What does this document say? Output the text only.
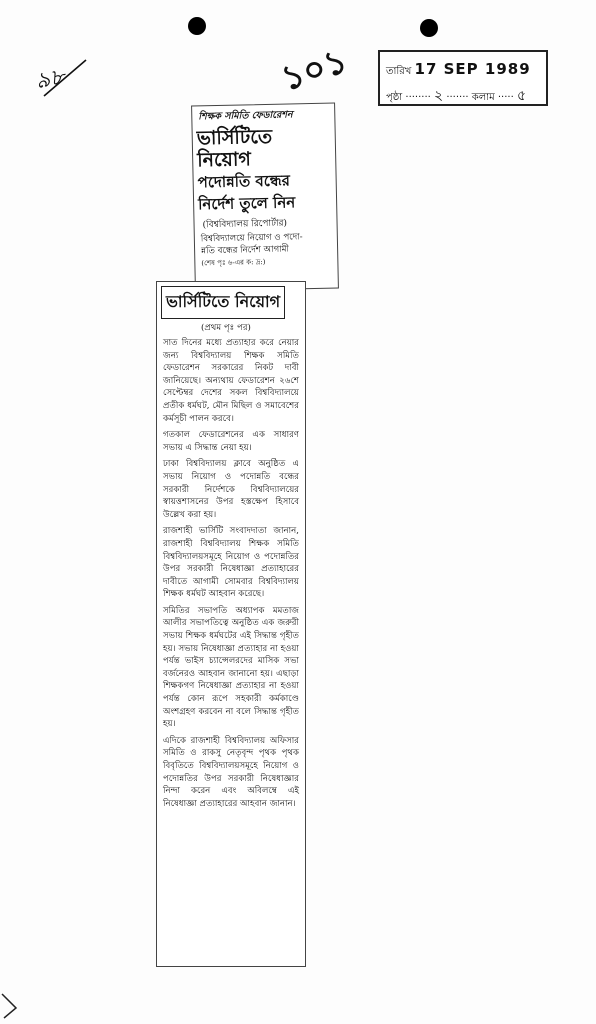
৯৮	১০১	তারিখ 17 SEP 1989
পৃষ্ঠা ········ ২ ······· কলাম ····· ৫
শিক্ষক সমিতি ফেডারেশন
ভার্সিটিতে
নিয়োগ
পদোন্নতি বন্ধের
নির্দেশ তুলে নিন
(বিশ্ববিদ্যালয় রিপোর্টার)
বিশ্ববিদ্যালয়ে নিয়োগ ও পদো-
ন্নতি বন্ধের নির্দেশ আগামী
(শেষ পৃঃ ৬-এর ক: দ্র:)
ভার্সিটিতে নিয়োগ
(প্রথম পৃঃ পর)

সাত দিনের মধ্যে প্রত্যাহার করে নেয়ার জন্য বিশ্ববিদ্যালয় শিক্ষক সমিতি ফেডারেশন সরকারের নিকট দাবী জানিয়েছে। অন্যথায় ফেডারেশন ২৬শে সেপ্টেম্বর দেশের সকল বিশ্ববিদ্যালয়ে প্রতীক ধর্মঘট, মৌন মিছিল ও সমাবেশের কর্মসূচী পালন করবে।

গতকাল ফেডারেশনের এক সাধারণ সভায় এ সিদ্ধান্ত নেয়া হয়।

ঢাকা বিশ্ববিদ্যালয় ক্লাবে অনুষ্ঠিত এ সভায় নিয়োগ ও পদোন্নতি বন্ধের সরকারী নির্দেশকে বিশ্ববিদ্যালয়ের স্বায়ত্তশাসনের উপর হস্তক্ষেপ হিসাবে উল্লেখ করা হয়।

রাজশাহী ভার্সিটি সংবাদদাতা জানান, রাজশাহী বিশ্ববিদ্যালয় শিক্ষক সমিতি বিশ্ববিদ্যালয়সমূহে নিয়োগ ও পদোন্নতির উপর সরকারী নিষেধাজ্ঞা প্রত্যাহারের দাবীতে আগামী সোমবার বিশ্ববিদ্যালয় শিক্ষক ধর্মঘট আহবান করেছে।

সমিতির সভাপতি অধ্যাপক মমতাজ আলীর সভাপতিত্বে অনুষ্ঠিত এক জরুরী সভায় শিক্ষক ধর্মঘটের এই সিদ্ধান্ত গৃহীত হয়। সভায় নিষেধাজ্ঞা প্রত্যাহার না হওয়া পর্যন্ত ভাইস চ্যান্সেলরদের মাসিক সভা বর্জনেরও আহবান জানানো হয়। এছাড়া শিক্ষকগণ নিষেধাজ্ঞা প্রত্যাহার না হওয়া পর্যন্ত কোন রূপে সহকারী কর্মকাণ্ডে অংশগ্রহণ করবেন না বলে সিদ্ধান্ত গৃহীত হয়।

এদিকে রাজশাহী বিশ্ববিদ্যালয় অফিসার সমিতি ও রাকসু নেতৃবৃন্দ পৃথক পৃথক বিবৃতিতে বিশ্ববিদ্যালয়সমূহে নিয়োগ ও পদোন্নতির উপর সরকারী নিষেধাজ্ঞার নিন্দা করেন এবং অবিলম্বে এই নিষেধাজ্ঞা প্রত্যাহারের আহবান জানান।
